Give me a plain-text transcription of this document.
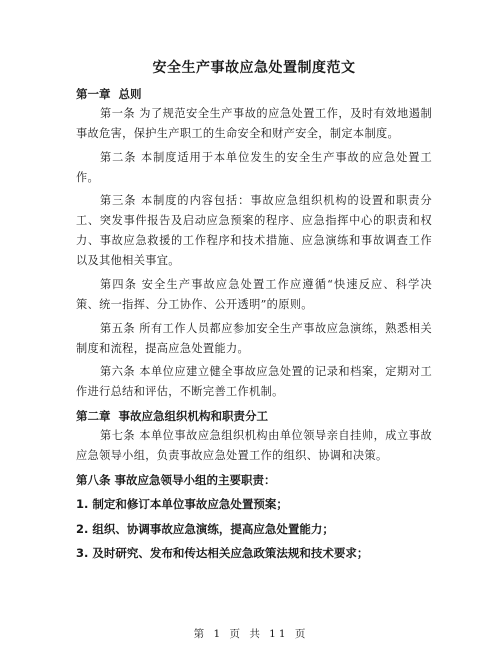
安全生产事故应急处置制度范文

第一章  总则

第一条 为了规范安全生产事故的应急处置工作，及时有效地遏制事故危害，保护生产职工的生命安全和财产安全，制定本制度。

第二条 本制度适用于本单位发生的安全生产事故的应急处置工作。

第三条 本制度的内容包括：事故应急组织机构的设置和职责分工、突发事件报告及启动应急预案的程序、应急指挥中心的职责和权力、事故应急救援的工作程序和技术措施、应急演练和事故调查工作以及其他相关事宜。

第四条 安全生产事故应急处置工作应遵循“快速反应、科学决策、统一指挥、分工协作、公开透明”的原则。

第五条 所有工作人员都应参加安全生产事故应急演练，熟悉相关制度和流程，提高应急处置能力。

第六条 本单位应建立健全事故应急处置的记录和档案，定期对工作进行总结和评估，不断完善工作机制。

第二章  事故应急组织机构和职责分工

第七条 本单位事故应急组织机构由单位领导亲自挂帅，成立事故应急领导小组，负责事故应急处置工作的组织、协调和决策。

第八条 事故应急领导小组的主要职责：

1. 制定和修订本单位事故应急处置预案；

2. 组织、协调事故应急演练，提高应急处置能力；

3. 及时研究、发布和传达相关应急政策法规和技术要求；

第 1 页 共 11 页
